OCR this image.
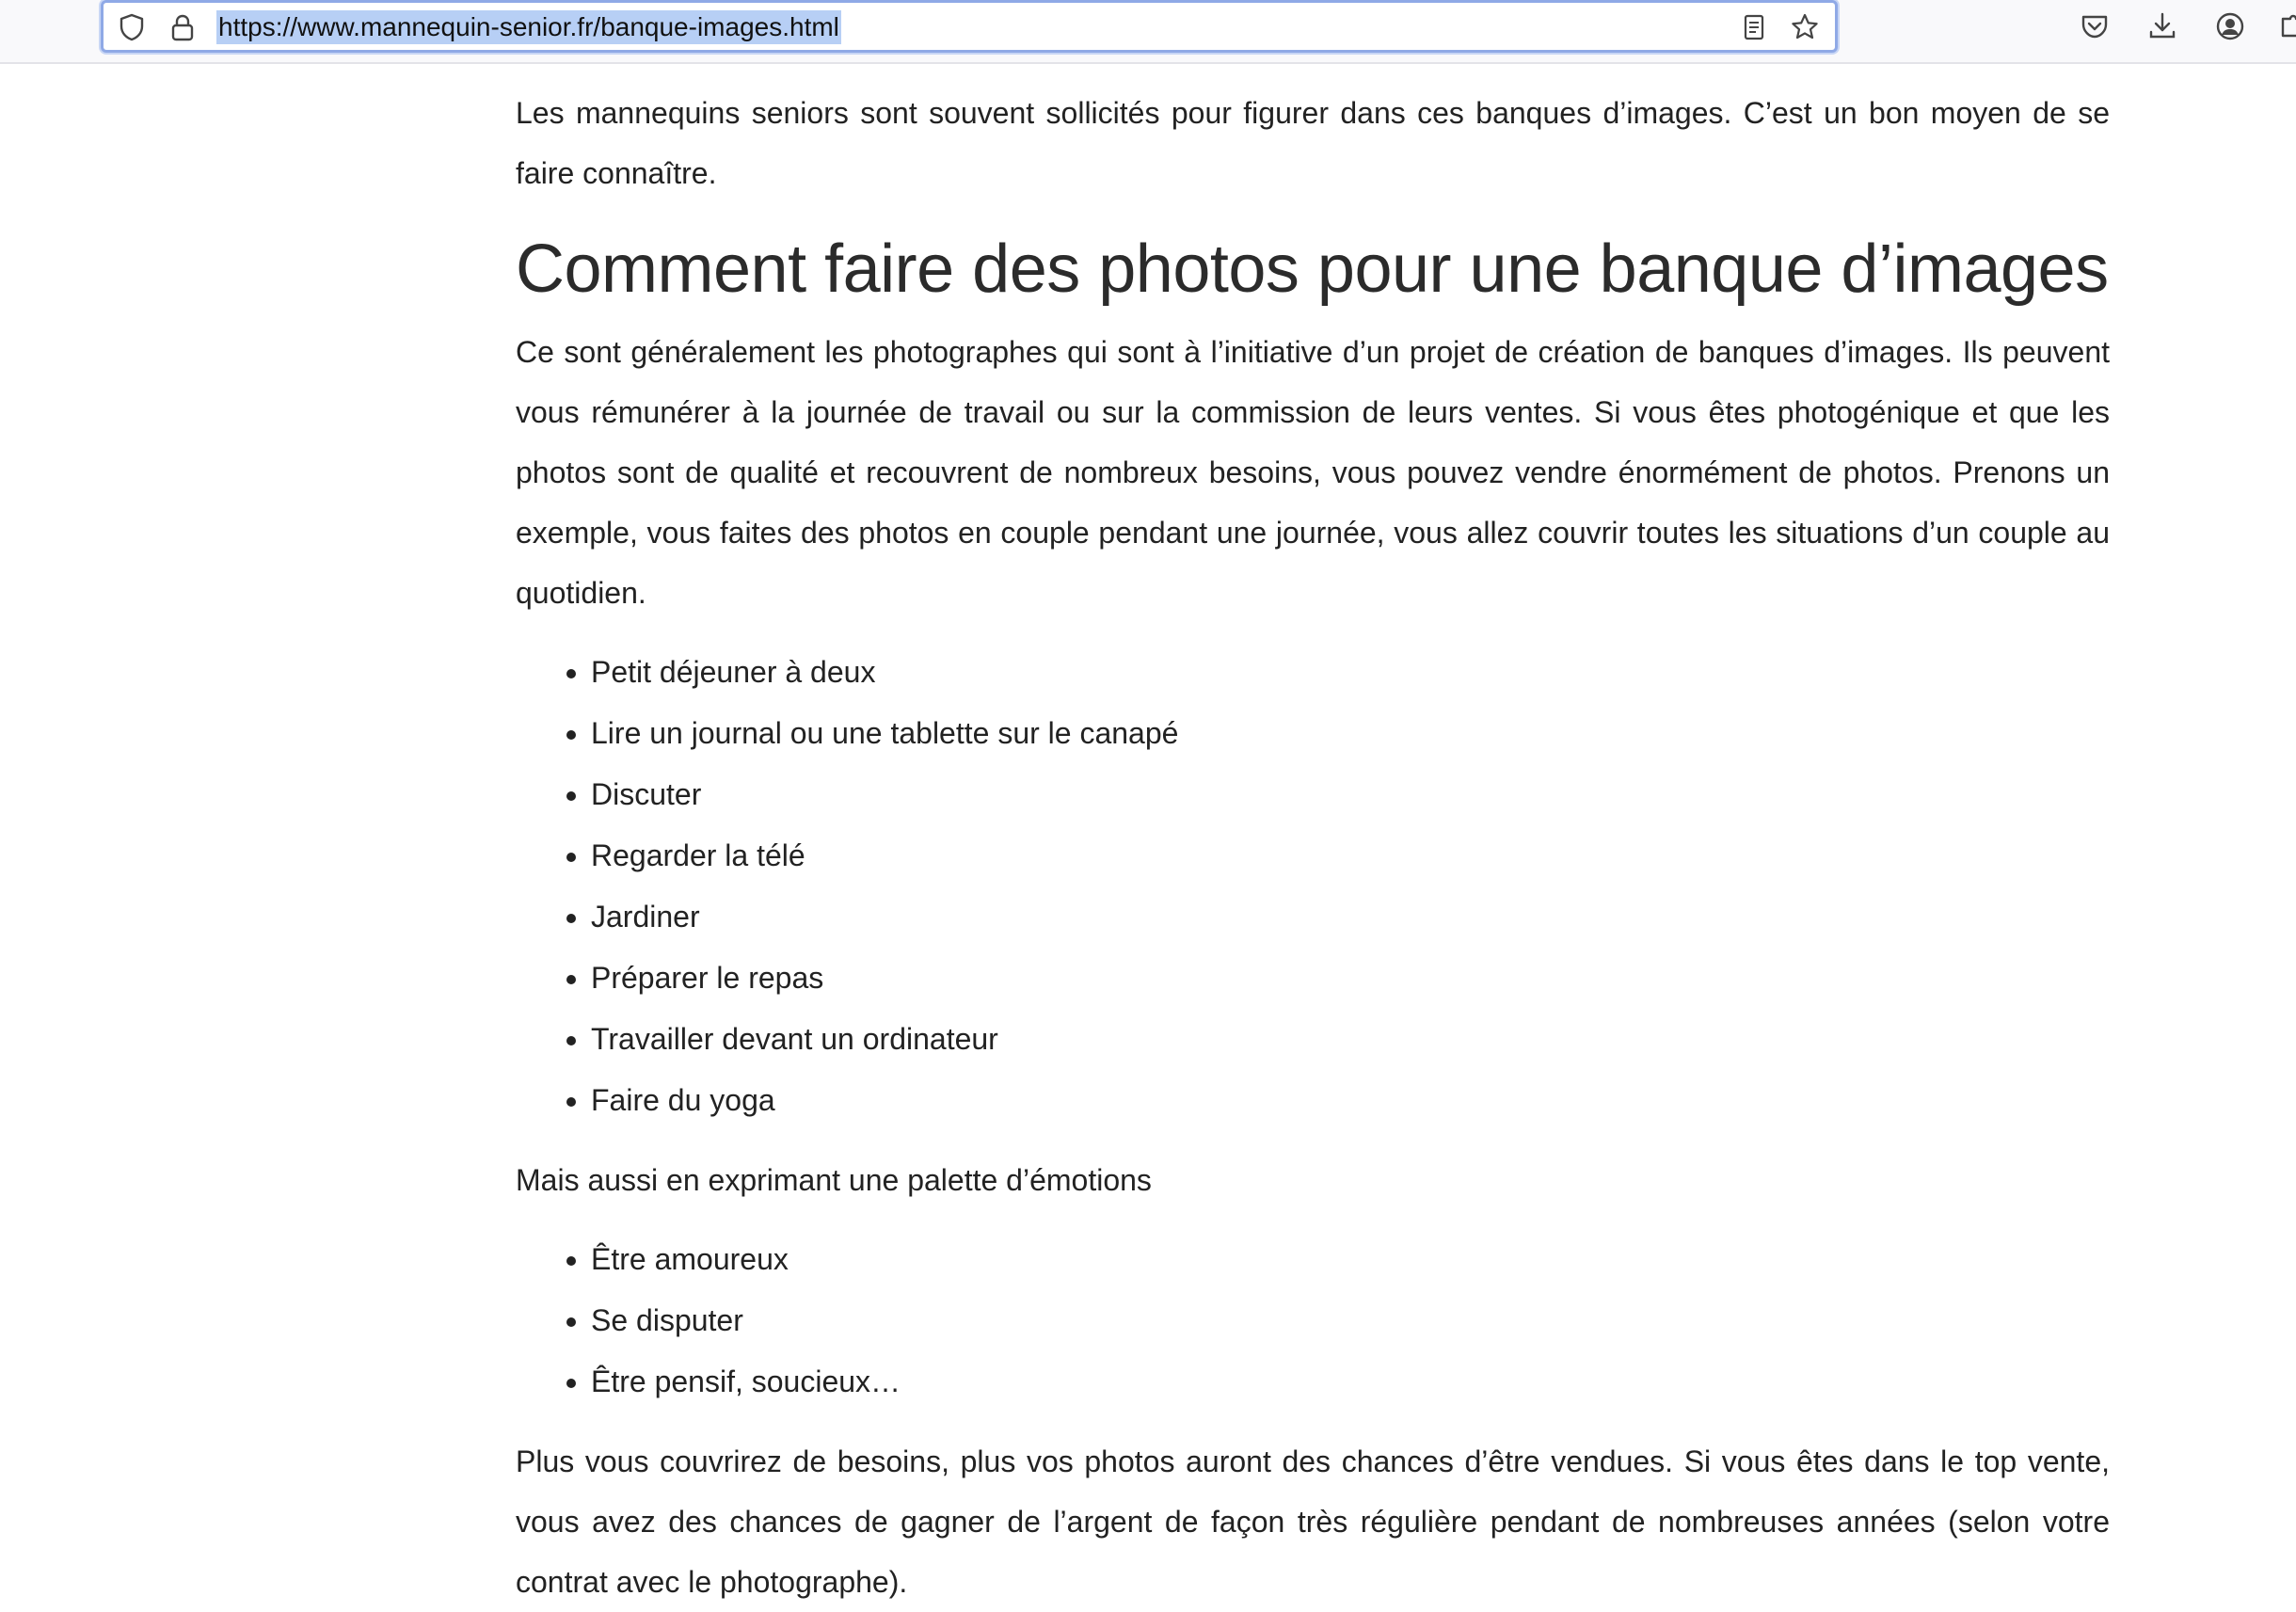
https://www.mannequin-senior.fr/banque-images.html

Les mannequins seniors sont souvent sollicités pour figurer dans ces banques d’images. C’est un bon moyen de se faire connaître.

Comment faire des photos pour une banque d’images

Ce sont généralement les photographes qui sont à l’initiative d’un projet de création de banques d’images. Ils peuvent vous rémunérer à la journée de travail ou sur la commission de leurs ventes. Si vous êtes photogénique et que les photos sont de qualité et recouvrent de nombreux besoins, vous pouvez vendre énormément de photos. Prenons un exemple, vous faites des photos en couple pendant une journée, vous allez couvrir toutes les situations d’un couple au quotidien.

• Petit déjeuner à deux
• Lire un journal ou une tablette sur le canapé
• Discuter
• Regarder la télé
• Jardiner
• Préparer le repas
• Travailler devant un ordinateur
• Faire du yoga

Mais aussi en exprimant une palette d’émotions

• Être amoureux
• Se disputer
• Être pensif, soucieux…

Plus vous couvrirez de besoins, plus vos photos auront des chances d’être vendues. Si vous êtes dans le top vente, vous avez des chances de gagner de l’argent de façon très régulière pendant de nombreuses années (selon votre contrat avec le photographe).
